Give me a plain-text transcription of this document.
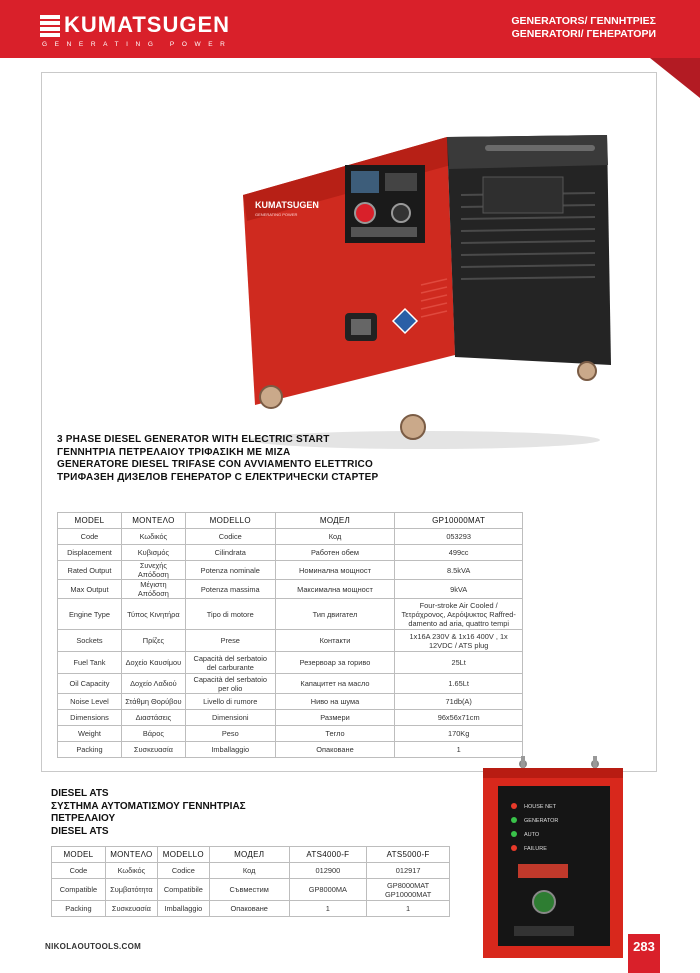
KUMATSUGEN
GENERATING POWER
GENERATORS/ ΓΕΝΝΗΤΡΙΕΣ
GENERATORI/ ГЕНЕРАТОРИ
KUMATSUGEN
GENERATING POWER
3 PHASE DIESEL GENERATOR WITH ELECTRIC START
ΓΕΝΝΗΤΡΙΑ ΠΕΤΡΕΛΑΙΟΥ ΤΡΙΦΑΣΙΚΗ ΜΕ ΜΙΖΑ
GENERATORE DIESEL TRIFASE CON AVVIAMENTO ELETTRICO
ТРИФАЗЕН ДИЗЕЛОВ ГЕНЕРАТОР С ЕЛЕКТРИЧЕСКИ СТАРТЕР
MODEL	ΜΟΝΤΕΛΟ	MODELLO	МОДЕЛ	GP10000MAT
Code	Κωδικός	Codice	Код	053293
Displacement	Κυβισμός	Cilindrata	Работен обем	499cc
Rated Output	Συνεχής Απόδοση	Potenza nominale	Номинална мощност	8.5kVA
Max Output	Μέγιστη Απόδοση	Potenza massima	Максимална мощност	9kVA
Engine Type	Τύπος Κινητήρα	Tipo di motore	Тип двигател	Four-stroke Air Cooled / Τετράχρονος, Αερόψυκτος Raffred-damento ad aria, quattro tempi
Sockets	Πρίζες	Prese	Контакти	1x16A 230V & 1x16 400V , 1x 12VDC / ATS plug
Fuel Tank	Δοχείο Καυσίμου	Capacità del serbatoio del carburante	Резервоар за гориво	25Lt
Oil Capacity	Δοχείο Λαδιού	Capacità del serbatoio per olio	Капацитет на масло	1.65Lt
Noise Level	Στάθμη Θορύβου	Livello di rumore	Ниво на шума	71db(A)
Dimensions	Διαστάσεις	Dimensioni	Размери	96x56x71cm
Weight	Βάρος	Peso	Тегло	170Kg
Packing	Συσκευασία	Imballaggio	Опаковане	1
DIESEL ATS
ΣΥΣΤΗΜΑ ΑΥΤΟΜΑΤΙΣΜΟΥ ΓΕΝΝΗΤΡΙΑΣ
ΠΕΤΡΕΛΑΙΟΥ
DIESEL ATS
MODEL	ΜΟΝΤΕΛΟ	MODELLO	МОДЕЛ	ATS4000-F	ATS5000-F
Code	Κωδικός	Codice	Код	012900	012917
Compatible	Συμβατότητα	Compatibile	Съвместим	GP8000MA	GP8000MAT GP10000MAT
Packing	Συσκευασία	Imballaggio	Опаковане	1	1
HOUSE NET
GENERATOR
AUTO
FAILURE
NIKOLAOUTOOLS.COM	283
